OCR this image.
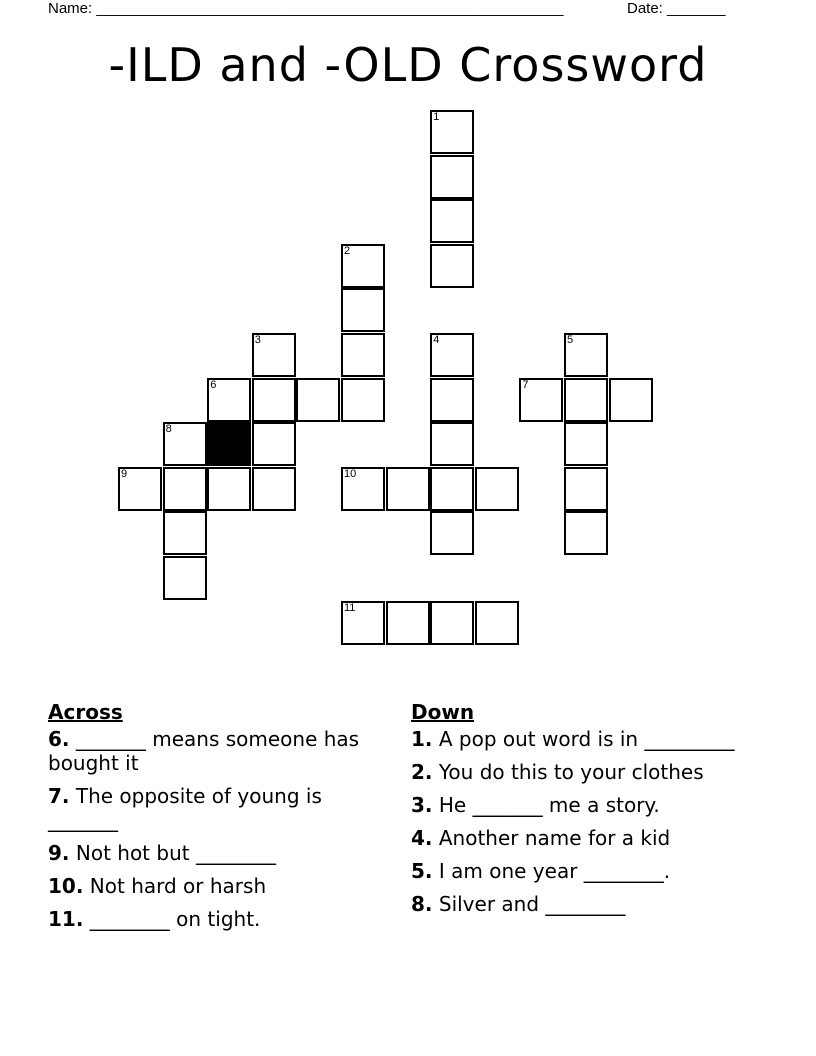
Name: ________________________________________________________	Date: _______
-ILD and -OLD Crossword
1
2
3	4	5
6	7
8
9	10
11
Across
6. _______ means someone has bought it
7. The opposite of young is _______
9. Not hot but ________
10. Not hard or harsh
11. ________ on tight.
Down
1. A pop out word is in _________
2. You do this to your clothes
3. He _______ me a story.
4. Another name for a kid
5. I am one year ________.
8. Silver and ________
